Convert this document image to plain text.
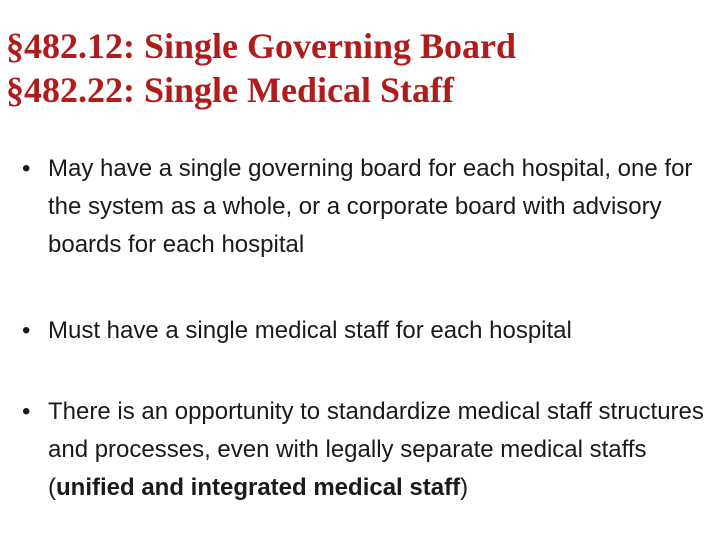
§482.12: Single Governing Board
§482.22: Single Medical Staff
• May have a single governing board for each hospital, one for the system as a whole, or a corporate board with advisory boards for each hospital
• Must have a single medical staff for each hospital
• There is an opportunity to standardize medical staff structures and processes, even with legally separate medical staffs (unified and integrated medical staff)
